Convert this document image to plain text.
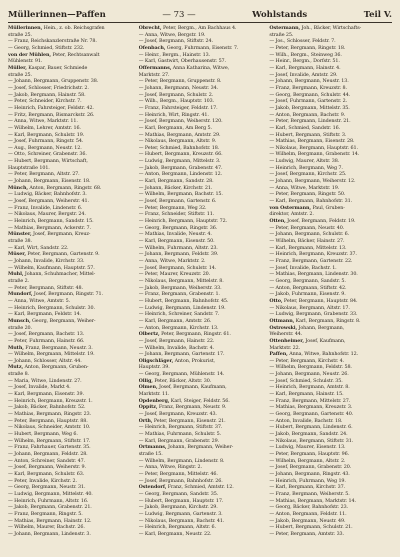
Müllerinnen—Paffen	— 73 —	Wohlstands	Teil V.
Müllerinnen, Hein., z. ob. Reichsgrafen
straße 25.
— Franz, Reichskanzlerstraße Nr. 78.
— Georg, Schmied, Stiftstr. 232.
von der Mühlen, Peter, Rechtsanwalt
Mühlenstr. 91.
Müller, Kaspar, Bauer, Schmiede
straße 25.
— Johann, Bergmann, Gruppenstr. 38.
— Josef, Schlosser, Friedrichstr. 2.
— Jakob, Bergmann, Hainstr. 58.
— Peter, Schneider, Kirchstr. 7.
— Heinrich, Fahrsteiger, Feldstr. 42.
— Fritz, Bergmann, Bismarckstr. 26.
— Anna, Witwe, Marktstr. 11.
— Wilhelm, Lehrer, Amtstr. 16.
— Karl, Bergmann, Schulstr. 19.
— Josef, Fuhrmann, Ringstr. 54.
— Aug., Bergmann, Neustr. 12.
— Otto, Schreiner, Grabenstr. 36.
— Hubert, Bergmann, Wirtschaft,
Hauptstraße 101.
— Peter, Bergmann, Altstr. 27.
— Johann, Bergmann, Eisenstr. 18.
Münch, Anton, Bergmann, Ringstr. 68.
— Ludwig, Bäcker, Bahnhofstr. 3.
— Josef, Bergmann, Weiherstr. 41.
— Franz, Invalide, Lindenstr. 6.
— Nikolaus, Maurer, Bergstr. 24.
— Heinrich, Bergmann, Sandstr. 15.
— Mathias, Bergmann, Ackerstr. 7.
Münster, Josef, Bergmann, Kreuz-
straße 38.
— Karl, Wirt, Sandstr. 22.
Müser, Peter, Bergmann, Gartenstr. 9.
— Johann, Invalide, Kirchstr. 33.
— Wilhelm, Kaufmann, Hauptstr. 57.
Muhl, Johann, Schuhmacher, Mittel-
straße 2.
— Peter, Bergmann, Stiftstr. 48.
Mundorf, Josef, Bergmann, Ringstr. 71.
— Anna, Witwe, Amtstr. 5.
— Heinrich, Bergmann, Schulstr. 30.
— Karl, Bergmann, Feldstr. 14.
Munsch, Georg, Bergmann, Weiher-
straße 20.
— Josef, Bergmann, Bachstr. 13.
— Peter, Fuhrmann, Hainstr. 66.
Muth, Franz, Bergmann, Neustr. 3.
— Wilhelm, Bergmann, Mittelstr. 19.
— Johann, Schlosser, Altstr. 44.
Mutz, Anton, Bergmann, Gruben-
straße 8.
— Maria, Witwe, Lindenstr. 27.
— Josef, Invalide, Markt 4.
— Karl, Bergmann, Eisenstr. 39.
— Heinrich, Bergmann, Kreuzstr. 1.
— Jakob, Bäcker, Bahnhofstr. 52.
— Mathias, Bergmann, Ringstr. 23.
— Peter, Bergmann, Hauptstr. 88.
— Nikolaus, Schneider, Amtstr. 10.
— Hubert, Bergmann, Weg 6.
— Wilhelm, Bergmann, Stiftstr. 17.
— Franz, Fahrhauer, Gartenstr. 35.
— Johann, Bergmann, Feldstr. 28.
— Anton, Schreiner, Sandstr. 47.
— Josef, Bergmann, Weiherstr. 9.
— Karl, Bergmann, Schulstr. 63.
— Peter, Invalide, Kirchstr. 2.
— Georg, Bergmann, Neustr. 31.
— Ludwig, Bergmann, Mittelstr. 40.
— Heinrich, Fuhrmann, Altstr. 16.
— Jakob, Bergmann, Grabenstr. 21.
— Franz, Bergmann, Ringstr. 5.
— Mathias, Bergmann, Hainstr. 12.
— Wilhelm, Maurer, Bachstr. 26.
— Johann, Bergmann, Lindenstr. 3.
Obrecht, Peter, Bergm., Am Bachhaus 4.
— Anna, Witwe, Bergstr. 19.
— Josef, Bergmann, Stiftstr. 24.
Ofenbach, Georg, Fuhrmann, Eisenstr. 7.
— Heinr., Bergm., Hainstr. 13.
— Karl, Gastwirt, Oberhausenstr. 57.
Offermanns, Anna Katharina, Witwe,
Marktstr. 27.
— Peter, Bergmann, Gruppenstr. 8.
— Johann, Bergmann, Neustr. 34.
— Josef, Bergmann, Schulstr. 2.
— Wilh., Bergm., Hauptstr. 103.
— Franz, Fahrsteiger, Feldstr. 17.
— Heinrich, Wirt, Ringstr. 41.
— Josef, Bergmann, Weiherstr. 120.
— Karl, Bergmann, Am Berg 5.
— Mathias, Bergmann, Amtstr. 29.
— Nikolaus, Bergmann, Altstr. 9.
— Peter, Schmied, Bahnhofstr. 18.
— Hubert, Bergmann, Kreuzstr. 66.
— Ludwig, Bergmann, Mittelstr. 3.
— Jakob, Bergmann, Grabenstr. 47.
— Anton, Bergmann, Lindenstr. 12.
— Karl, Bergmann, Sandstr. 28.
— Johann, Bäcker, Kirchstr. 21.
— Wilhelm, Bergmann, Bachstr. 15.
— Josef, Bergmann, Gartenstr. 6.
— Peter, Bergmann, Weg 32.
— Franz, Schneider, Stiftstr. 11.
— Heinrich, Bergmann, Hauptstr. 72.
— Georg, Bergmann, Ringstr. 36.
— Mathias, Invalide, Neustr. 4.
— Karl, Bergmann, Eisenstr. 50.
— Wilhelm, Fuhrmann, Altstr. 23.
— Johann, Bergmann, Feldstr. 39.
— Anna, Witwe, Marktstr. 2.
— Josef, Bergmann, Schulstr. 14.
— Peter, Maurer, Kreuzstr. 20.
— Nikolaus, Bergmann, Mittelstr. 8.
— Jakob, Bergmann, Weiherstr. 33.
— Franz, Bergmann, Grabenstr. 1.
— Hubert, Bergmann, Bahnhofstr. 45.
— Ludwig, Bergmann, Lindenstr. 19.
— Heinrich, Schreiner, Sandstr. 7.
— Karl, Bergmann, Amtstr. 26.
— Anton, Bergmann, Kirchstr. 13.
Olbertz, Peter, Bergmann, Ringstr. 61.
— Josef, Bergmann, Hainstr. 22.
— Wilhelm, Invalide, Bachstr. 4.
— Johann, Bergmann, Gartenstr. 17.
Oligschläger, Anton, Prokurist,
Hauptstr. 39.
— Georg, Bergmann, Mühlenstr. 14.
Ollig, Peter, Bäcker, Altstr. 30.
Olmen, Josef, Bergmann, Kaufmann,
Marktstr. 11.
Opdenberg, Karl, Steiger, Feldstr. 56.
Oppitz, Franz, Bergmann, Neustr. 9.
— Josef, Bergmann, Kreuzstr. 43.
Orth, Peter, Bergmann, Eisenstr. 21.
— Heinrich, Bergmann, Stiftstr. 37.
— Mathias, Fuhrmann, Schulstr. 5.
— Karl, Bergmann, Grabenstr. 29.
Ortmanns, Johann, Bergmann, Weiher-
straße 15.
— Wilhelm, Bergmann, Lindenstr. 8.
— Anna, Witwe, Ringstr. 2.
— Peter, Bergmann, Mittelstr. 46.
— Josef, Bergmann, Bahnhofstr. 26.
Ostendorf, Franz, Schmied, Amtstr. 12.
— Georg, Bergmann, Sandstr. 35.
— Hubert, Bergmann, Hauptstr. 17.
— Jakob, Bergmann, Kirchstr. 29.
— Ludwig, Bergmann, Gartenstr. 3.
— Nikolaus, Bergmann, Bachstr. 41.
— Heinrich, Bergmann, Altstr. 6.
— Karl, Bergmann, Neustr. 22.
Ostermann, Joh., Bäcker, Wirtschafts-
straße 25.
— Jos., Schlosser, Feldstr. 7.
— Peter, Bergmann, Ringstr. 18.
— Wilh., Bergm., Steinweg 36.
— Heinr., Bergm., Dorfstr. 51.
— Karl, Bergmann, Hainstr. 4.
— Josef, Invalide, Amtstr. 29.
— Johann, Bergmann, Neustr. 13.
— Franz, Bergmann, Kreuzstr. 8.
— Georg, Bergmann, Schulstr. 44.
— Josef, Fuhrmann, Gartenstr. 2.
— Jakob, Bergmann, Mittelstr. 35.
— Anton, Bergmann, Bachstr. 9.
— Peter, Bergmann, Lindenstr. 21.
— Karl, Schmied, Sandstr. 16.
— Hubert, Bergmann, Stiftstr. 3.
— Mathias, Bergmann, Eisenstr. 28.
— Nikolaus, Bergmann, Hauptstr. 61.
— Wilhelm, Bergmann, Grabenstr. 14.
— Ludwig, Maurer, Altstr. 38.
— Heinrich, Bergmann, Weg 7.
— Josef, Bergmann, Kirchstr. 25.
— Johann, Bergmann, Weiherstr. 12.
— Anna, Witwe, Marktstr. 19.
— Peter, Bergmann, Ringstr. 50.
— Karl, Bergmann, Bahnhofstr. 31.
von Ostermann, Paul, Gruben-
direktor, Amtstr. 2.
Otten, Josef, Bergmann, Feldstr. 19.
— Peter, Bergmann, Neustr. 40.
— Johann, Bergmann, Schulstr. 6.
— Wilhelm, Bäcker, Hainstr. 27.
— Karl, Bergmann, Mittelstr. 13.
— Heinrich, Bergmann, Kreuzstr. 37.
— Franz, Bergmann, Gartenstr. 22.
— Josef, Invalide, Bachstr. 1.
— Mathias, Bergmann, Lindenstr. 30.
— Georg, Bergmann, Sandstr. 5.
— Anton, Bergmann, Stiftstr. 42.
— Jakob, Fuhrmann, Eisenstr. 9.
Otto, Peter, Bergmann, Hauptstr. 84.
— Nikolaus, Bergmann, Altstr. 17.
— Ludwig, Bergmann, Grabenstr. 33.
Ottmann, Karl, Bergmann, Ringstr. 8.
Ostrowski, Johann, Bergmann,
Weiherstr. 44.
Ottenheimer, Josef, Kaufmann,
Marktstr. 22.
Paffen, Anna, Witwe, Bahnhofstr. 12.
— Peter, Bergmann, Kirchstr. 4.
— Wilhelm, Bergmann, Feldstr. 58.
— Johann, Bergmann, Neustr. 26.
— Josef, Schmied, Schulstr. 35.
— Heinrich, Bergmann, Amtstr. 8.
— Karl, Bergmann, Hainstr. 15.
— Franz, Bergmann, Mittelstr. 27.
— Mathias, Bergmann, Kreuzstr. 3.
— Georg, Bergmann, Gartenstr. 40.
— Anton, Invalide, Bachstr. 18.
— Hubert, Bergmann, Lindenstr. 6.
— Jakob, Bergmann, Sandstr. 24.
— Nikolaus, Bergmann, Stiftstr. 31.
— Ludwig, Maurer, Eisenstr. 13.
— Peter, Bergmann, Hauptstr. 96.
— Wilhelm, Bergmann, Altstr. 2.
— Josef, Bergmann, Grabenstr. 20.
— Johann, Bergmann, Ringstr. 43.
— Heinrich, Fuhrmann, Weg 19.
— Karl, Bergmann, Kirchstr. 37.
— Franz, Bergmann, Weiherstr. 5.
— Mathias, Bergmann, Marktstr. 14.
— Georg, Bäcker, Bahnhofstr. 23.
— Anton, Bergmann, Feldstr. 11.
— Jakob, Bergmann, Neustr. 49.
— Hubert, Bergmann, Schulstr. 21.
— Peter, Bergmann, Amtstr. 33.
